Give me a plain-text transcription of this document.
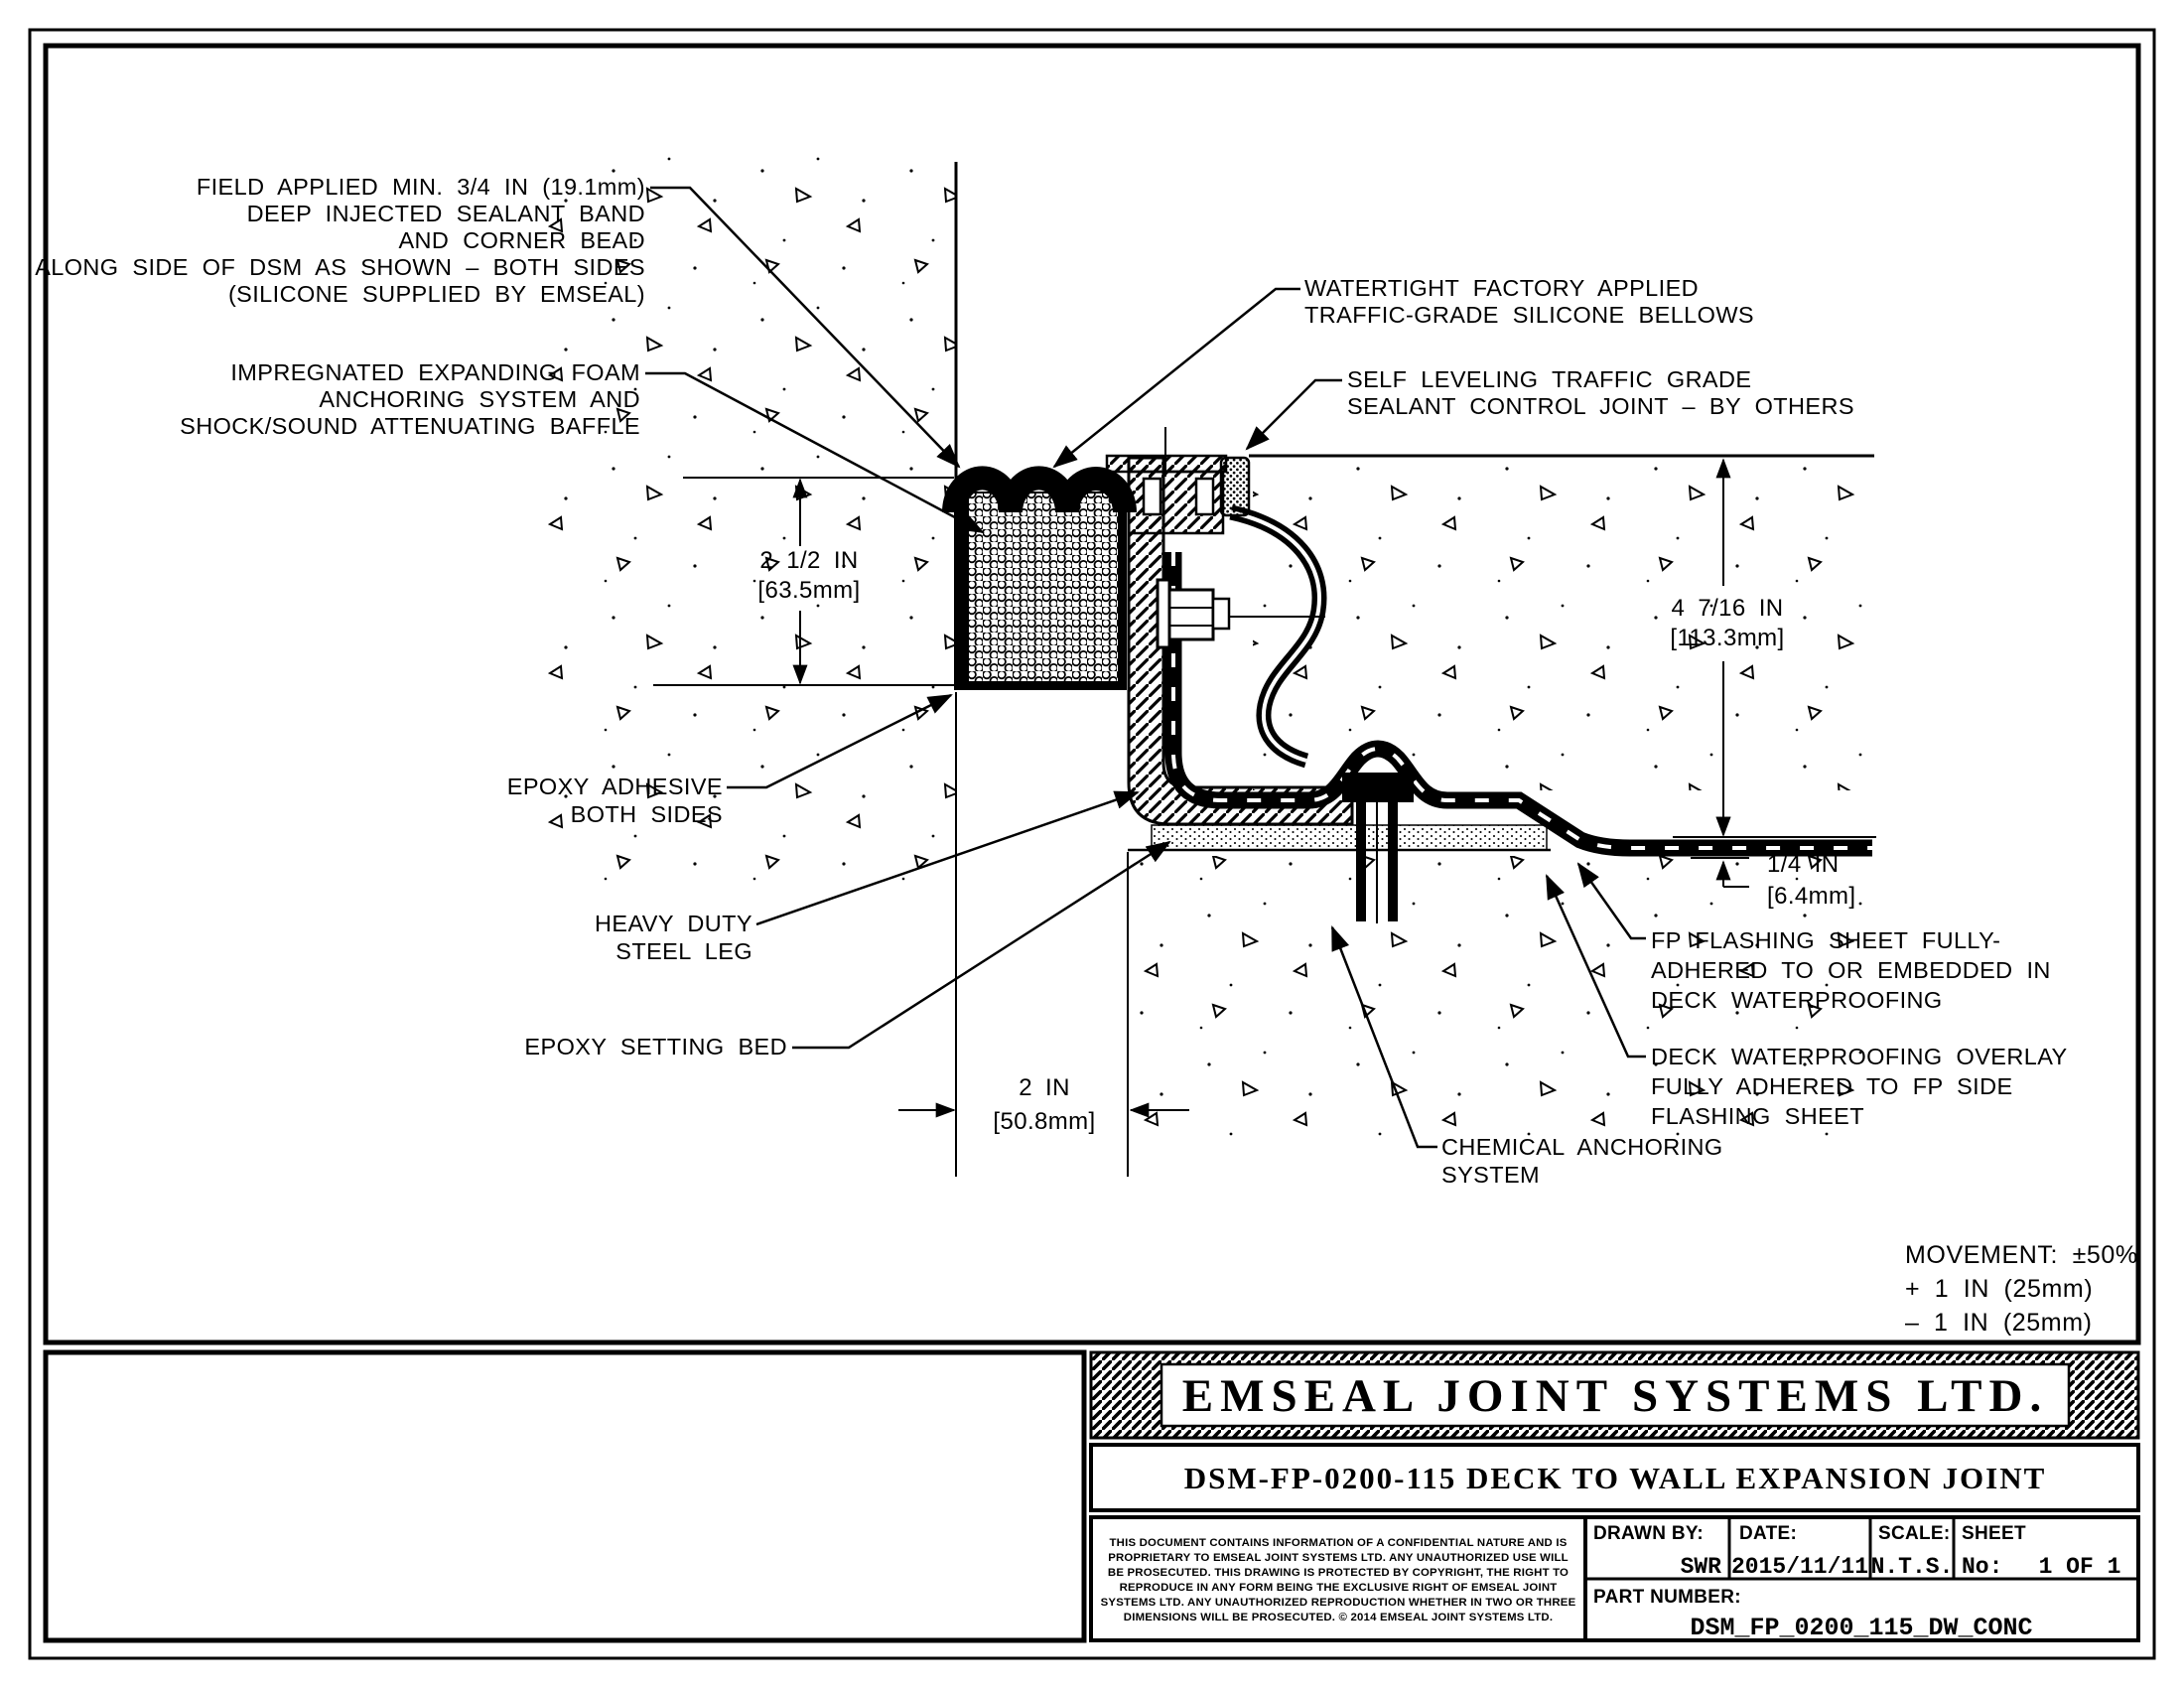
FIELD APPLIED MIN. 3/4 IN (19.1mm)
DEEP INJECTED SEALANT BAND
AND CORNER BEAD
ALONG SIDE OF DSM AS SHOWN – BOTH SIDES
(SILICONE SUPPLIED BY EMSEAL)
IMPREGNATED EXPANDING FOAM
ANCHORING SYSTEM AND
SHOCK/SOUND ATTENUATING BAFFLE
WATERTIGHT FACTORY APPLIED
TRAFFIC-GRADE SILICONE BELLOWS
SELF LEVELING TRAFFIC GRADE
SEALANT CONTROL JOINT – BY OTHERS
EPOXY ADHESIVE
BOTH SIDES
HEAVY DUTY
STEEL LEG
EPOXY SETTING BED
CHEMICAL ANCHORING
SYSTEM
FP FLASHING SHEET FULLY-
ADHERED TO OR EMBEDDED IN
DECK WATERPROOFING
DECK WATERPROOFING OVERLAY
FULLY ADHERED TO FP SIDE
FLASHING SHEET
MOVEMENT: ±50%
+ 1 IN (25mm)
– 1 IN (25mm)
2 1/2 IN
[63.5mm]
4 7/16 IN
[113.3mm]
1/4 IN
[6.4mm]
2 IN
[50.8mm]
EMSEAL JOINT SYSTEMS LTD.
DSM-FP-0200-115 DECK TO WALL EXPANSION JOINT
THIS DOCUMENT CONTAINS INFORMATION OF A CONFIDENTIAL NATURE AND IS
PROPRIETARY TO EMSEAL JOINT SYSTEMS LTD. ANY UNAUTHORIZED USE WILL
BE PROSECUTED. THIS DRAWING IS PROTECTED BY COPYRIGHT, THE RIGHT TO
REPRODUCE IN ANY FORM BEING THE EXCLUSIVE RIGHT OF EMSEAL JOINT
SYSTEMS LTD. ANY UNAUTHORIZED REPRODUCTION WHETHER IN TWO OR THREE
DIMENSIONS WILL BE PROSECUTED. © 2014 EMSEAL JOINT SYSTEMS LTD.
DRAWN BY:
SWR
DATE:
2015/11/11
SCALE:
N.T.S.
SHEET
No: 1 OF 1
PART NUMBER:
DSM_FP_0200_115_DW_CONC
